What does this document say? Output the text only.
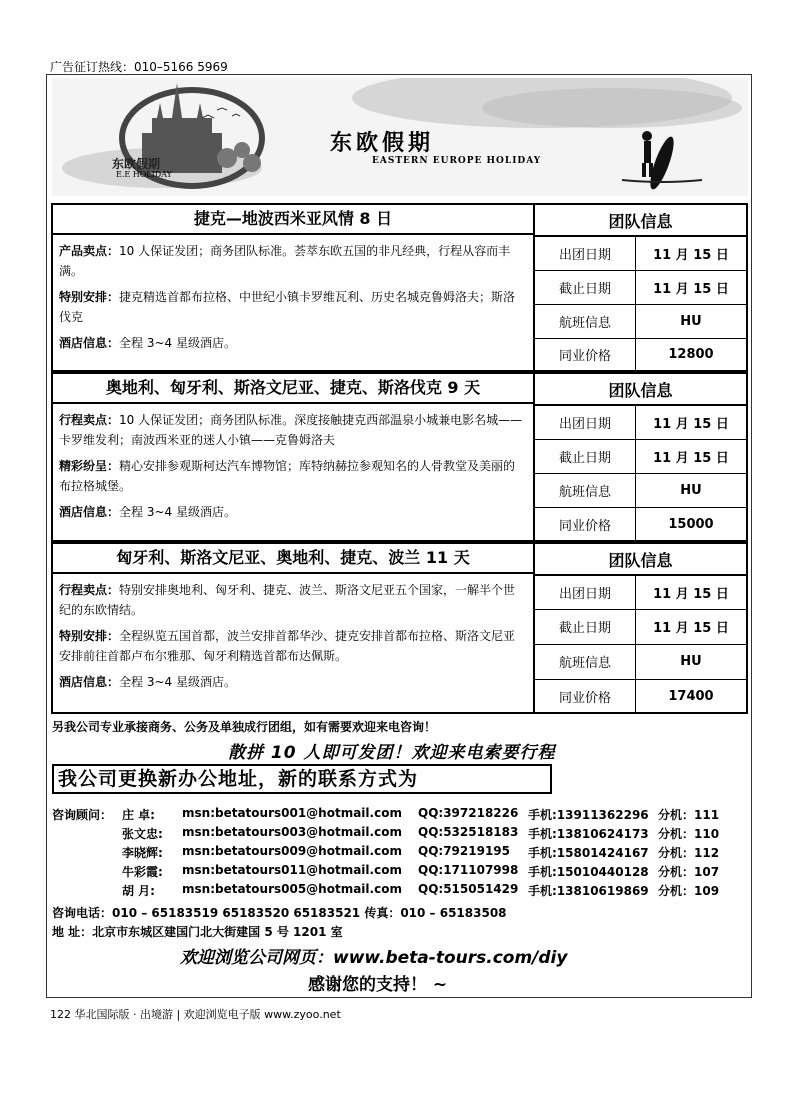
广告征订热线：010–5166 5969
东欧假期
EASTERN EUROPE HOLIDAY
东欧假期
E.E HOLIDAY
捷克—地波西米亚风情 8 日

产品卖点：10 人保证发团；商务团队标准。荟萃东欧五国的非凡经典，行程从容而丰满。

特别安排：捷克精选首都布拉格、中世纪小镇卡罗维瓦利、历史名城克鲁姆洛夫；斯洛伐克

酒店信息：全程 3~4 星级酒店。

团队信息	
出团日期	11 月 15 日
截止日期	11 月 15 日
航班信息	HU
同业价格	12800
奥地利、匈牙利、斯洛文尼亚、捷克、斯洛伐克 9 天

行程卖点：10 人保证发团；商务团队标准。深度接触捷克西部温泉小城兼电影名城——卡罗维发利；南波西米亚的迷人小镇——克鲁姆洛夫

精彩纷呈：精心安排参观斯柯达汽车博物馆；库特纳赫拉参观知名的人骨教堂及美丽的布拉格城堡。

酒店信息：全程 3~4 星级酒店。

团队信息	
出团日期	11 月 15 日
截止日期	11 月 15 日
航班信息	HU
同业价格	15000
匈牙利、斯洛文尼亚、奥地利、捷克、波兰 11 天

行程卖点：特别安排奥地利、匈牙利、捷克、波兰、斯洛文尼亚五个国家，一解半个世纪的东欧情结。

特别安排：全程纵览五国首都，波兰安排首都华沙、捷克安排首都布拉格、斯洛文尼亚安排前往首都卢布尔雅那、匈牙利精选首都布达佩斯。

酒店信息：全程 3~4 星级酒店。

团队信息	
出团日期	11 月 15 日
截止日期	11 月 15 日
航班信息	HU
同业价格	17400
另我公司专业承接商务、公务及单独成行团组，如有需要欢迎来电咨询！
散拼 10 人即可发团！欢迎来电索要行程
我公司更换新办公地址，新的联系方式为
咨询顾问： 庄 卓: msn:betatours001@hotmail.com QQ:397218226 手机:13911362296 分机：111
张文忠: msn:betatours003@hotmail.com QQ:532518183 手机:13810624173 分机：110
李晓辉: msn:betatours009@hotmail.com QQ:79219195 手机:15801424167 分机：112
牛彩霞: msn:betatours011@hotmail.com QQ:171107998 手机:15010440128 分机：107
胡 月: msn:betatours005@hotmail.com QQ:515051429 手机:13810619869 分机：109
咨询电话：010 – 65183519 65183520 65183521 传真：010 – 65183508
地 址：北京市东城区建国门北大街建国 5 号 1201 室
欢迎浏览公司网页：www.beta-tours.com/diy
感谢您的支持！ ~
122 华北国际版 · 出境游 | 欢迎浏览电子版 www.zyoo.net
